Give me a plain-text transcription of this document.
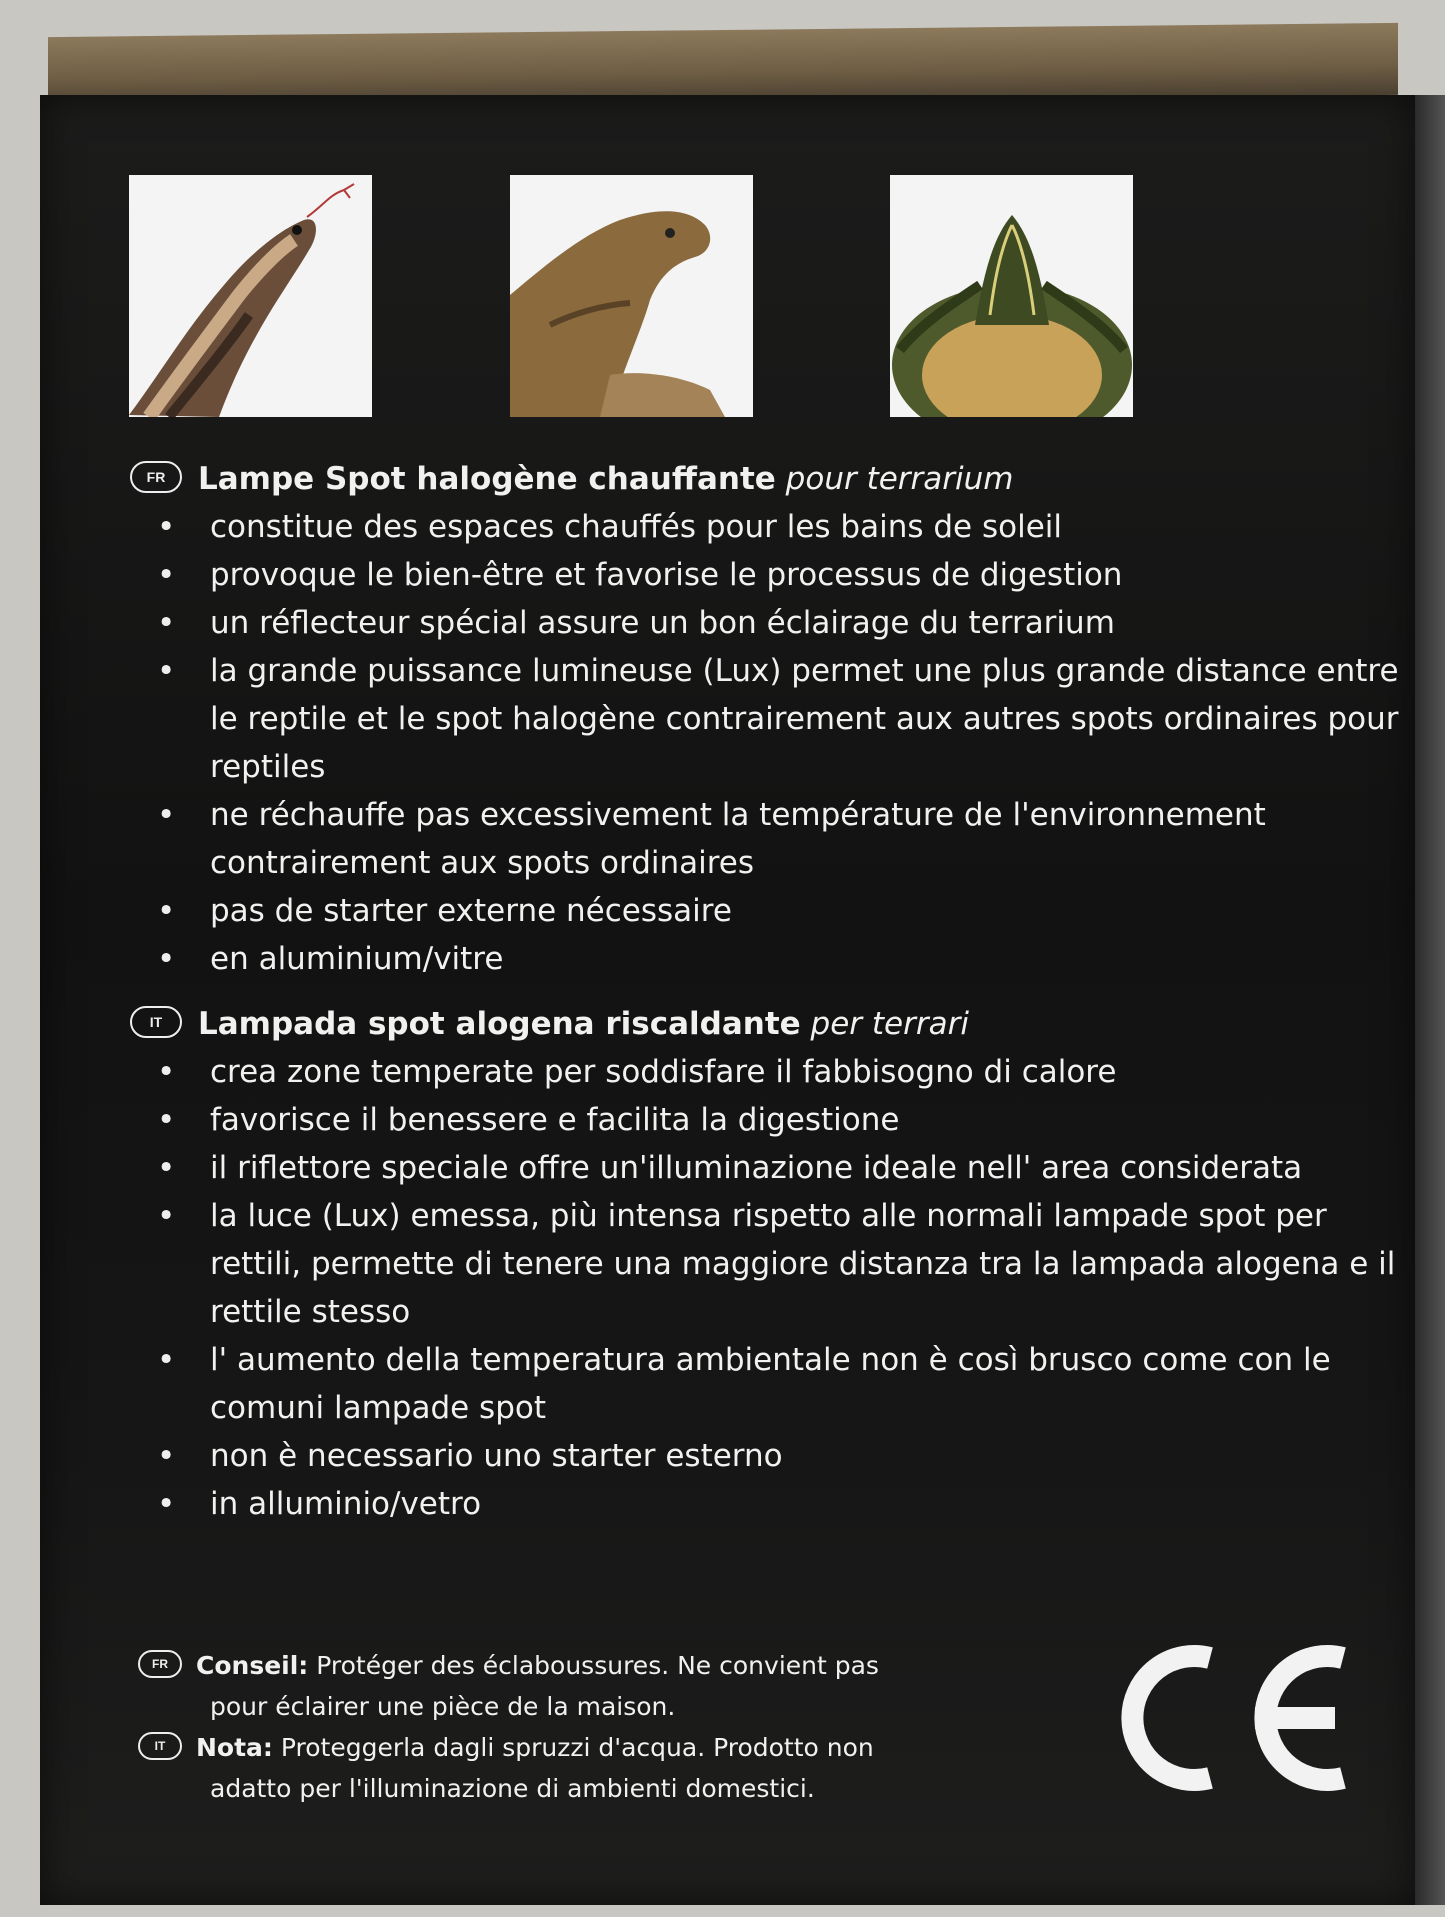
FR Lampe Spot halogène chauffante pour terrarium
• constitue des espaces chauffés pour les bains de soleil
• provoque le bien-être et favorise le processus de digestion
• un réflecteur spécial assure un bon éclairage du terrarium
• la grande puissance lumineuse (Lux) permet une plus grande distance entre le reptile et le spot halogène contrairement aux autres spots ordinaires pour reptiles
• ne réchauffe pas excessivement la température de l'environnement contrairement aux spots ordinaires
• pas de starter externe nécessaire
• en aluminium/vitre
IT Lampada spot alogena riscaldante per terrari
• crea zone temperate per soddisfare il fabbisogno di calore
• favorisce il benessere e facilita la digestione
• il riflettore speciale offre un'illuminazione ideale nell' area considerata
• la luce (Lux) emessa, più intensa rispetto alle normali lampade spot per rettili, permette di tenere una maggiore distanza tra la lampada alogena e il rettile stesso
• l' aumento della temperatura ambientale non è così brusco come con le comuni lampade spot
• non è necessario uno starter esterno
• in alluminio/vetro
FR Conseil: Protéger des éclaboussures. Ne convient pas
pour éclairer une pièce de la maison.
IT Nota: Proteggerla dagli spruzzi d'acqua. Prodotto non
adatto per l'illuminazione di ambienti domestici.
